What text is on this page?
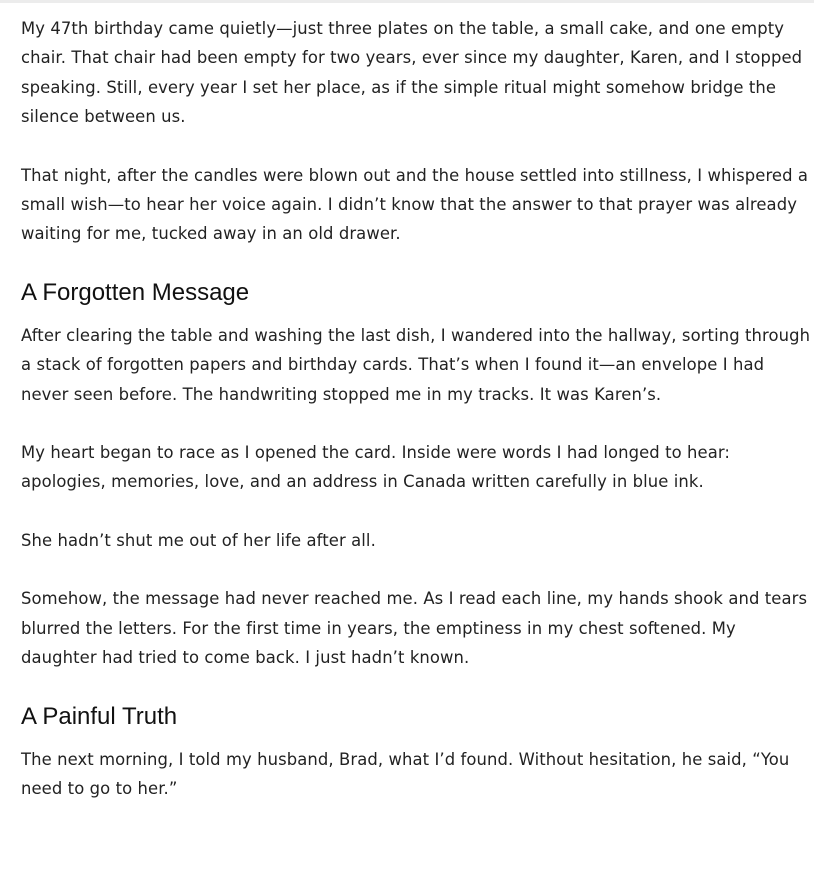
My 47th birthday came quietly—just three plates on the table, a small cake, and one empty chair. That chair had been empty for two years, ever since my daughter, Karen, and I stopped speaking. Still, every year I set her place, as if the simple ritual might somehow bridge the silence between us.

That night, after the candles were blown out and the house settled into stillness, I whispered a small wish—to hear her voice again. I didn’t know that the answer to that prayer was already waiting for me, tucked away in an old drawer.

A Forgotten Message

After clearing the table and washing the last dish, I wandered into the hallway, sorting through a stack of forgotten papers and birthday cards. That’s when I found it—an envelope I had never seen before. The handwriting stopped me in my tracks. It was Karen’s.

My heart began to race as I opened the card. Inside were words I had longed to hear: apologies, memories, love, and an address in Canada written carefully in blue ink.

She hadn’t shut me out of her life after all.

Somehow, the message had never reached me. As I read each line, my hands shook and tears blurred the letters. For the first time in years, the emptiness in my chest softened. My daughter had tried to come back. I just hadn’t known.

A Painful Truth

The next morning, I told my husband, Brad, what I’d found. Without hesitation, he said, “You need to go to her.”
